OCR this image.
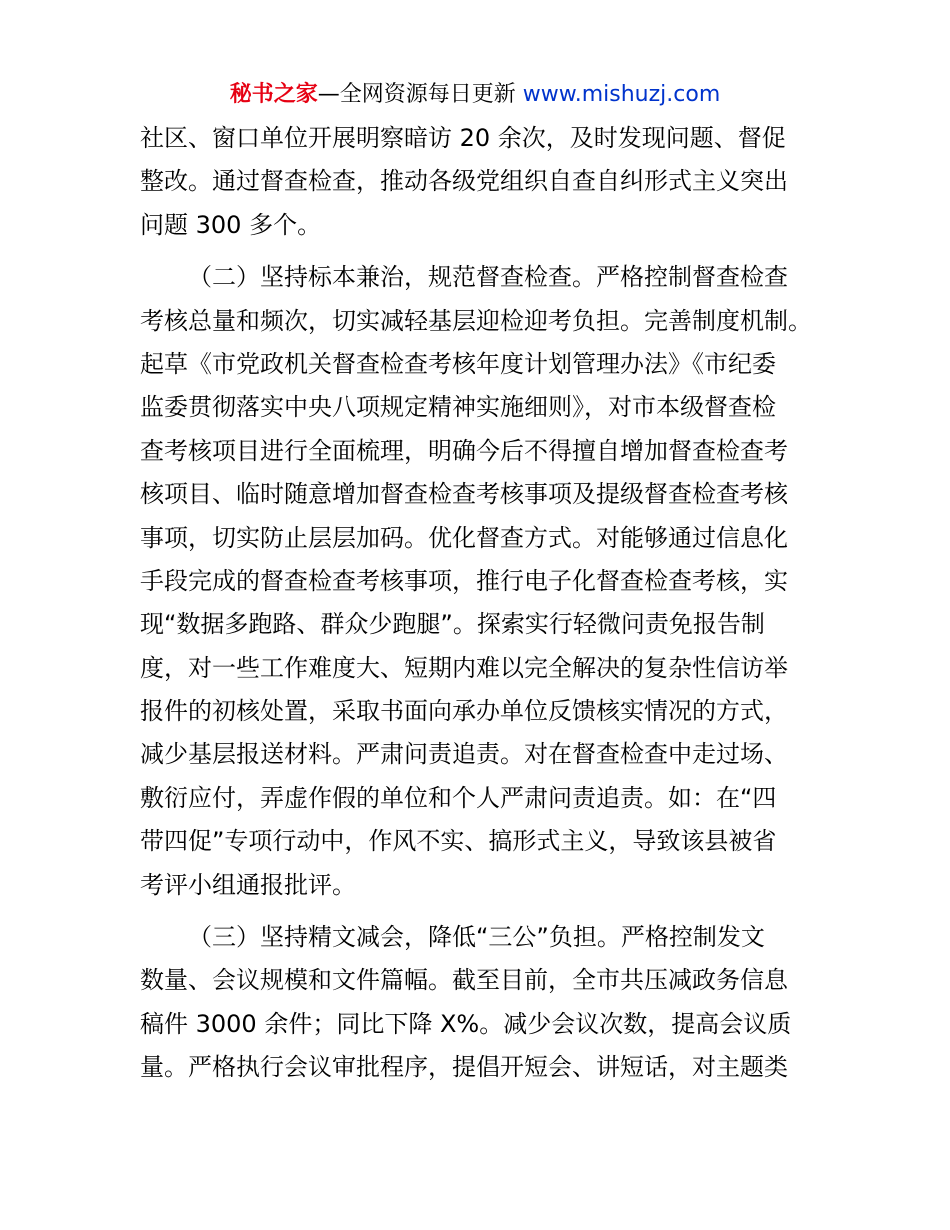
秘书之家—全网资源每日更新 www.mishuzj.com
社区、窗口单位开展明察暗访 20 余次，及时发现问题、督促
整改。通过督查检查，推动各级党组织自查自纠形式主义突出
问题 300 多个。
（二）坚持标本兼治，规范督查检查。严格控制督查检查
考核总量和频次，切实减轻基层迎检迎考负担。完善制度机制。
起草《市党政机关督查检查考核年度计划管理办法》《市纪委
监委贯彻落实中央八项规定精神实施细则》，对市本级督查检
查考核项目进行全面梳理，明确今后不得擅自增加督查检查考
核项目、临时随意增加督查检查考核事项及提级督查检查考核
事项，切实防止层层加码。优化督查方式。对能够通过信息化
手段完成的督查检查考核事项，推行电子化督查检查考核，实
现“数据多跑路、群众少跑腿”。探索实行轻微问责免报告制
度，对一些工作难度大、短期内难以完全解决的复杂性信访举
报件的初核处置，采取书面向承办单位反馈核实情况的方式，
减少基层报送材料。严肃问责追责。对在督查检查中走过场、
敷衍应付，弄虚作假的单位和个人严肃问责追责。如：在“四
带四促”专项行动中，作风不实、搞形式主义，导致该县被省
考评小组通报批评。
（三）坚持精文减会，降低“三公”负担。严格控制发文
数量、会议规模和文件篇幅。截至目前，全市共压减政务信息
稿件 3000 余件；同比下降 X%。减少会议次数，提高会议质
量。严格执行会议审批程序，提倡开短会、讲短话，对主题类
